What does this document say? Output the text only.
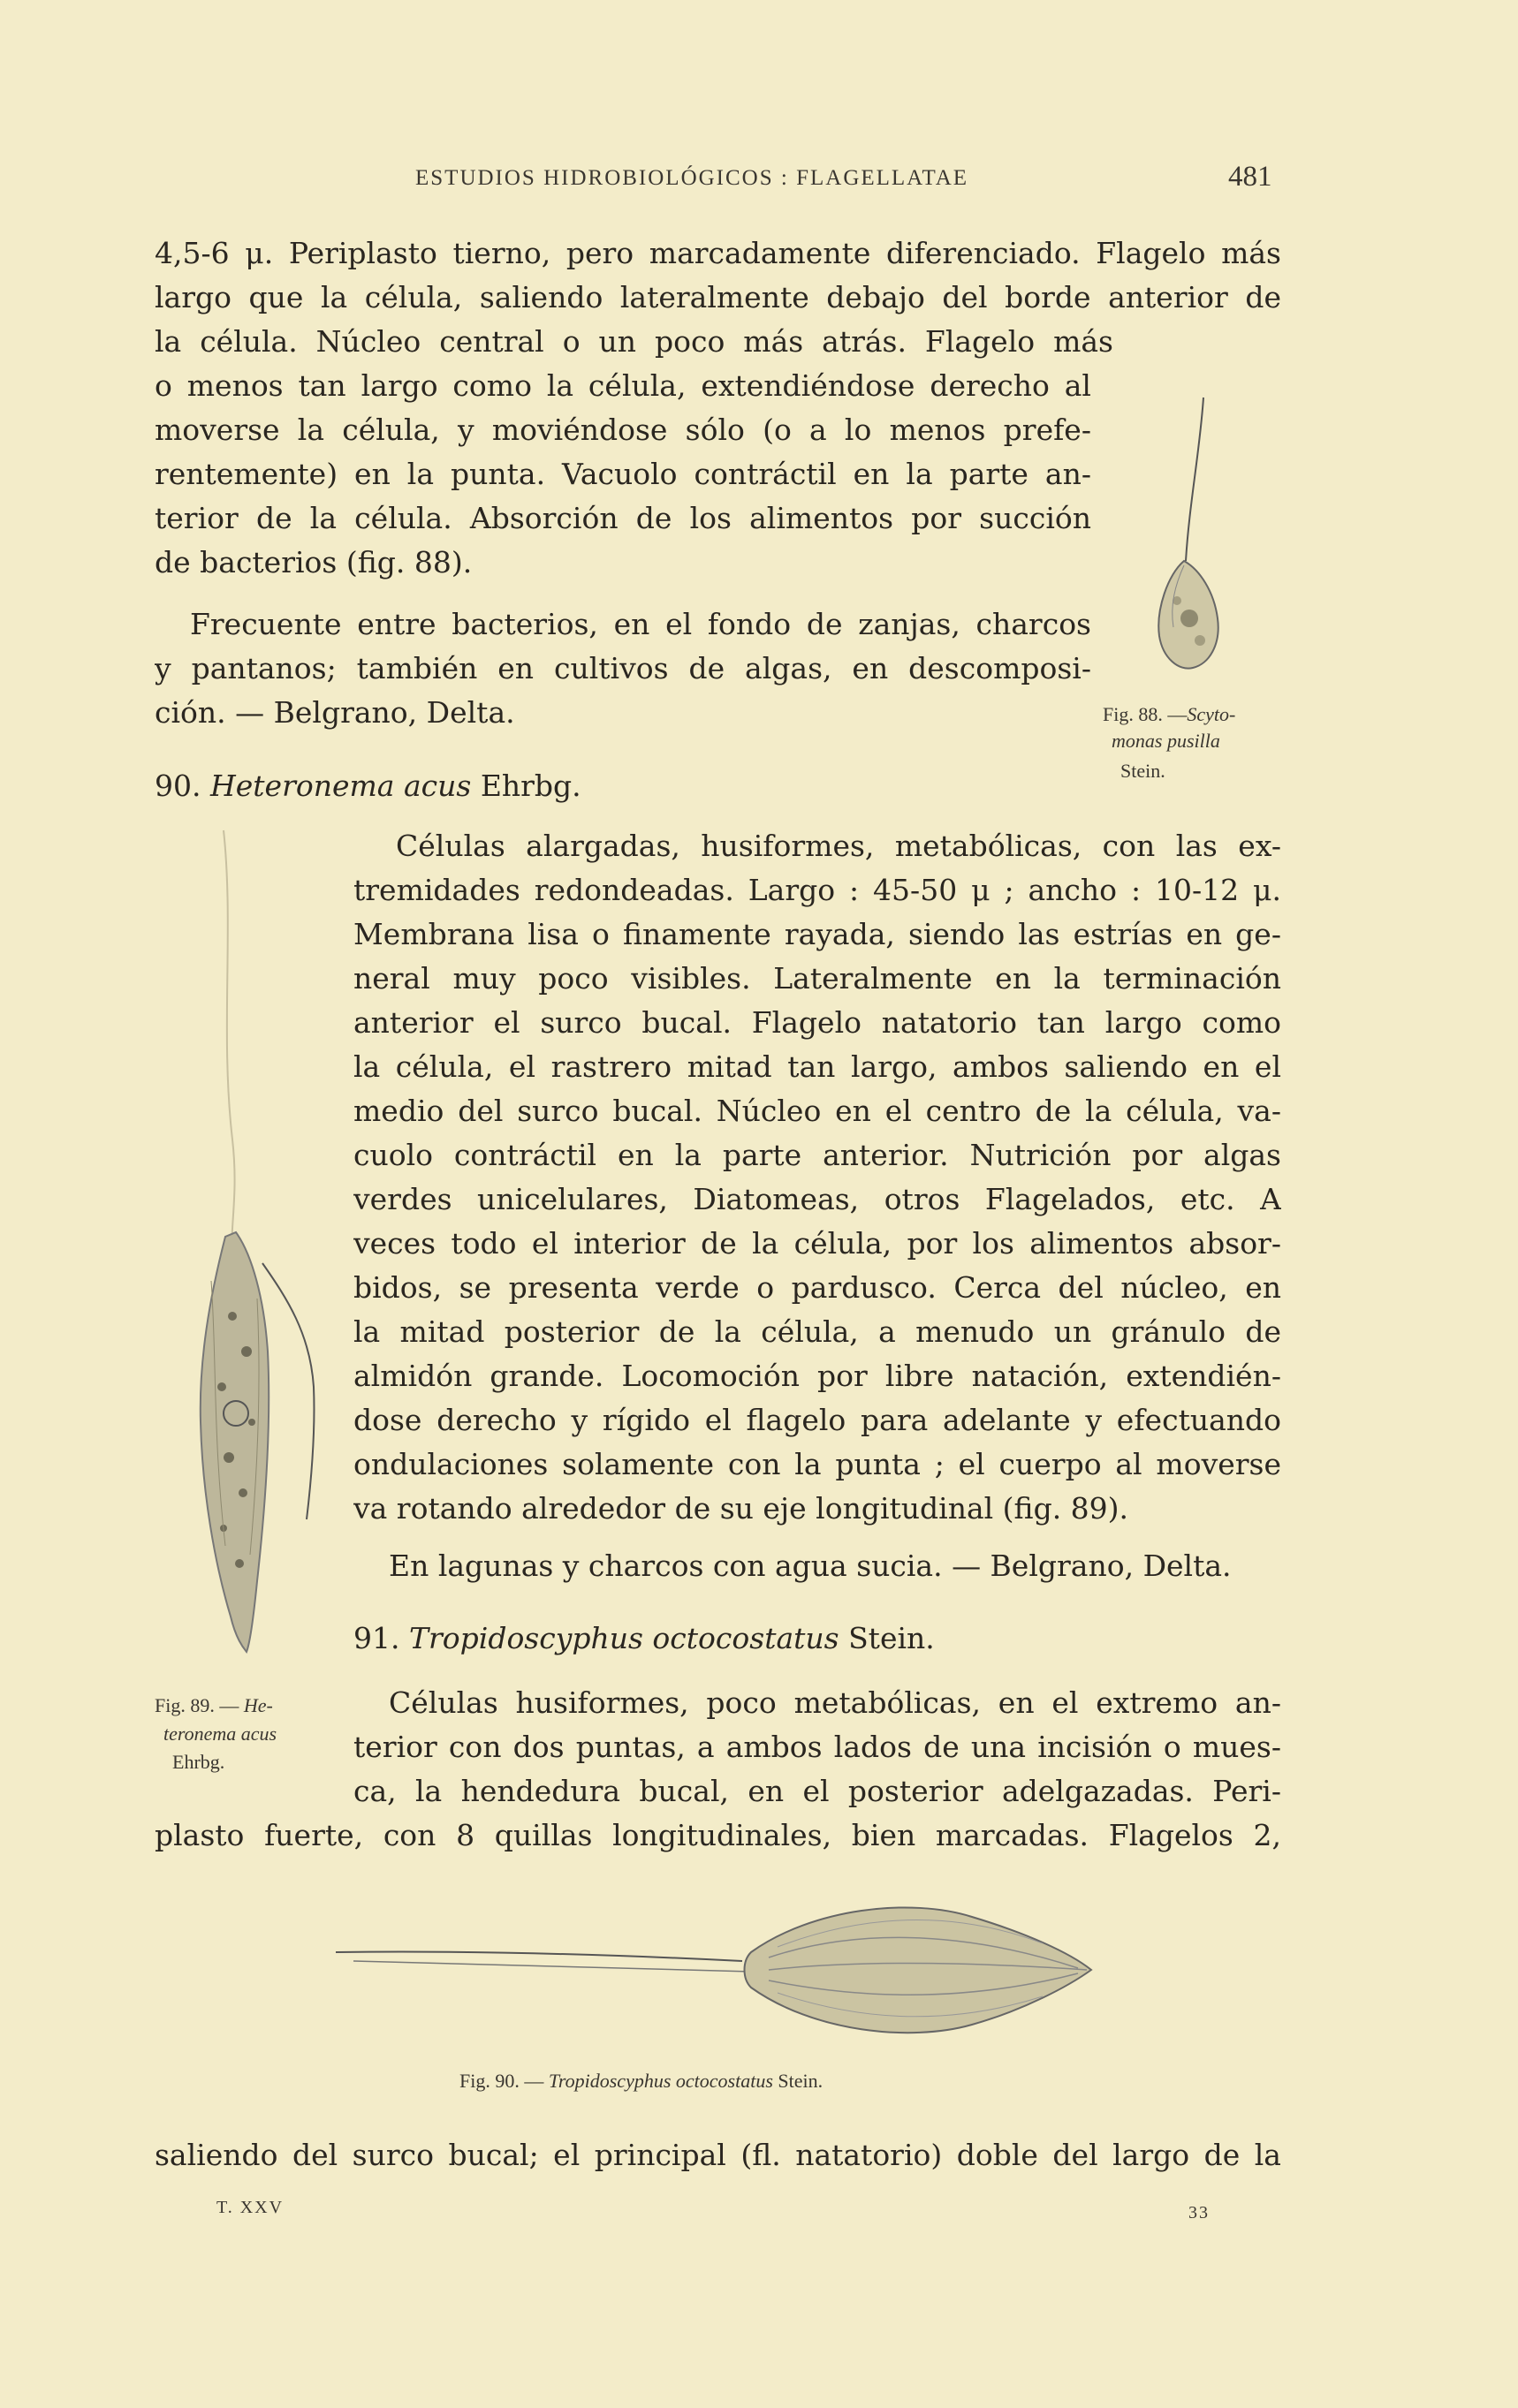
ESTUDIOS HIDROBIOLÓGICOS : FLAGELLATAE	481

4,5-6 μ. Periplasto tierno, pero marcadamente diferenciado. Flagelo más

largo que la célula, saliendo lateralmente debajo del borde anterior de

la célula. Núcleo central o un poco más atrás. Flagelo más

o menos tan largo como la célula, extendiéndose derecho al

moverse la célula, y moviéndose sólo (o a lo menos prefe-

rentemente) en la punta. Vacuolo contráctil en la parte an-

terior de la célula. Absorción de los alimentos por succión

de bacterios (fig. 88).

Frecuente entre bacterios, en el fondo de zanjas, charcos

y pantanos; también en cultivos de algas, en descomposi-

ción. — Belgrano, Delta.	Fig. 88. —Scyto-
monas pusilla
Stein.
90. Heteronema acus Ehrbg.

Células alargadas, husiformes, metabólicas, con las ex-

tremidades redondeadas. Largo : 45-50 μ ; ancho : 10-12 μ.

Membrana lisa o finamente rayada, siendo las estrías en ge-

neral muy poco visibles. Lateralmente en la terminación

anterior el surco bucal. Flagelo natatorio tan largo como

la célula, el rastrero mitad tan largo, ambos saliendo en el

medio del surco bucal. Núcleo en el centro de la célula, va-

cuolo contráctil en la parte anterior. Nutrición por algas

verdes unicelulares, Diatomeas, otros Flagelados, etc. A

veces todo el interior de la célula, por los alimentos absor-

bidos, se presenta verde o pardusco. Cerca del núcleo, en

la mitad posterior de la célula, a menudo un gránulo de

almidón grande. Locomoción por libre natación, extendién-

dose derecho y rígido el flagelo para adelante y efectuando

ondulaciones solamente con la punta ; el cuerpo al moverse

va rotando alrededor de su eje longitudinal (fig. 89).

En lagunas y charcos con agua sucia. — Belgrano, Delta.

91. Tropidoscyphus octocostatus Stein.
Fig. 89. — He-
teronema acus
Ehrbg.

Células husiformes, poco metabólicas, en el extremo an-

terior con dos puntas, a ambos lados de una incisión o mues-

ca, la hendedura bucal, en el posterior adelgazadas. Peri-

plasto fuerte, con 8 quillas longitudinales, bien marcadas. Flagelos 2,

Fig. 90. — Tropidoscyphus octocostatus Stein.

saliendo del surco bucal; el principal (fl. natatorio) doble del largo de la

T. XXV	33
